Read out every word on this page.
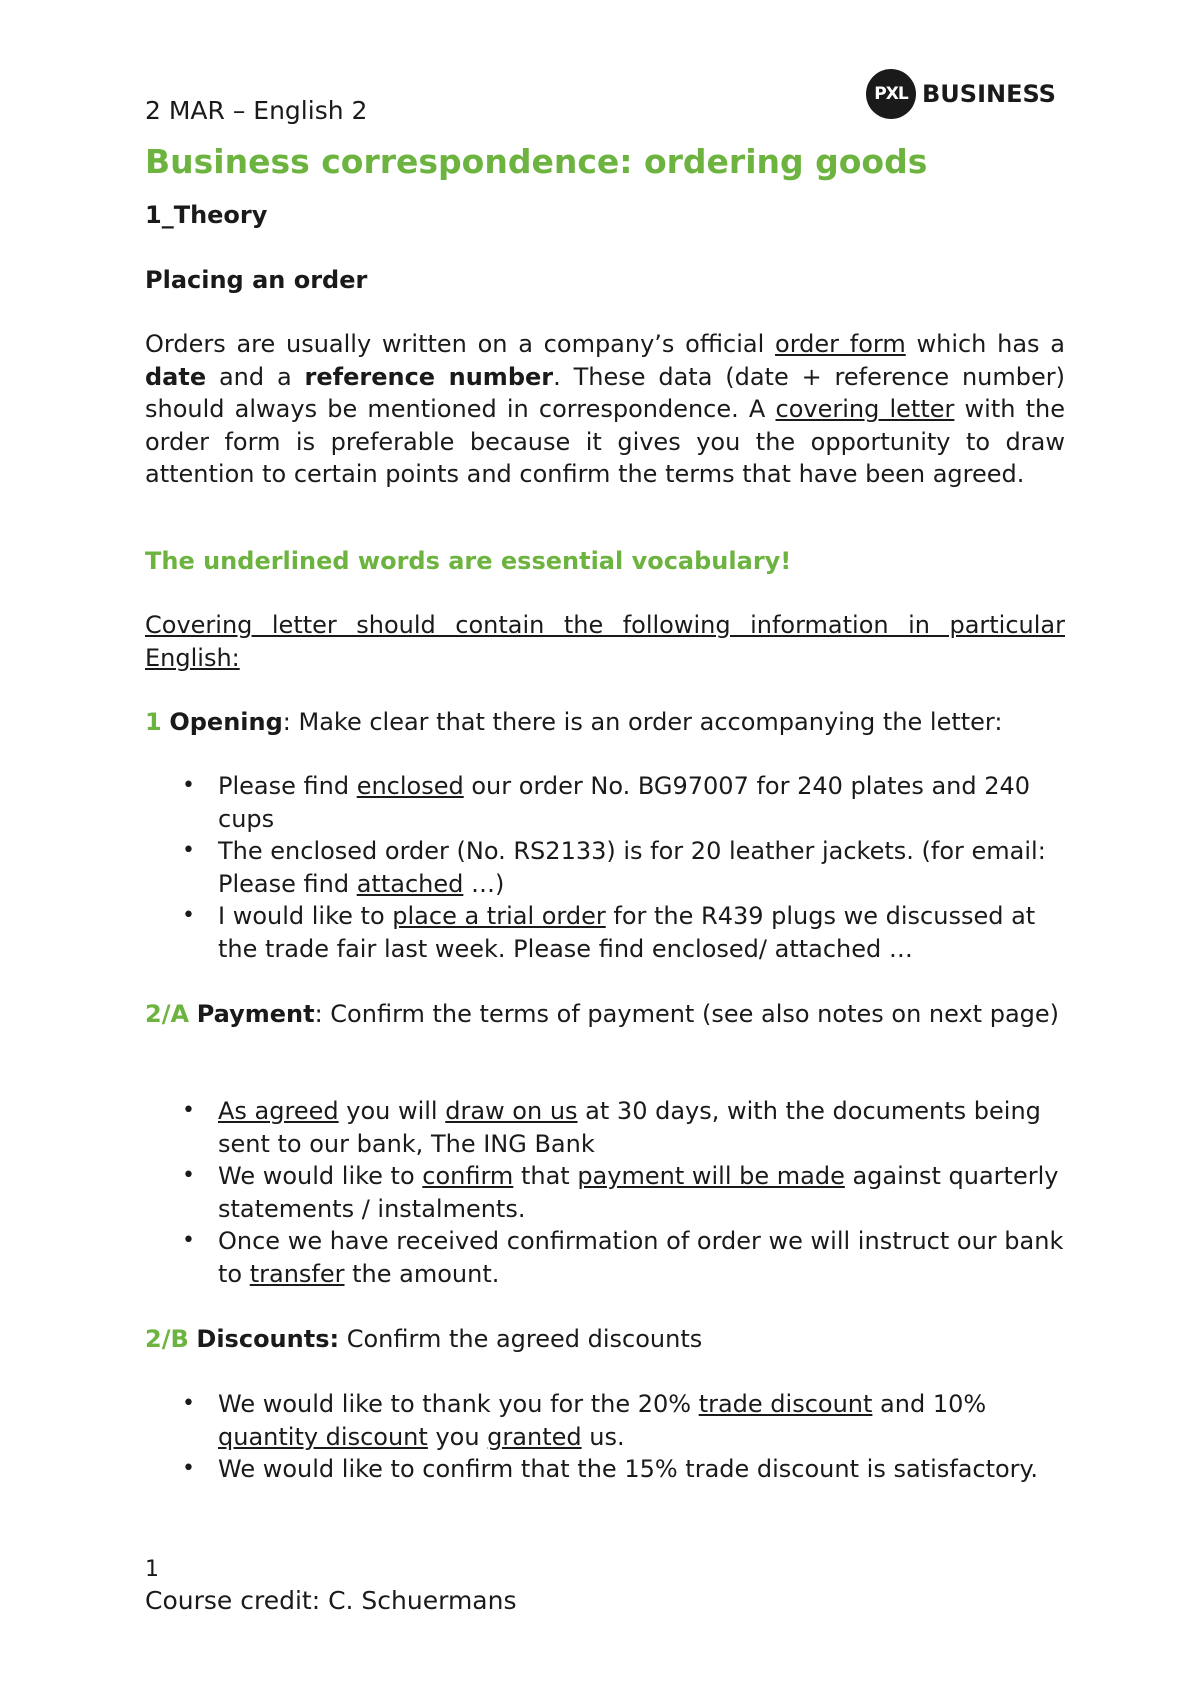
2 MAR – English 2
PXL BUSINESS
Business correspondence: ordering goods
1_Theory
Placing an order
Orders are usually written on a company’s official order form which has a date and a reference number. These data (date + reference number) should always be mentioned in correspondence. A covering letter with the order form is preferable because it gives you the opportunity to draw attention to certain points and confirm the terms that have been agreed.
The underlined words are essential vocabulary!
Covering letter should contain the following information in particular English:
1 Opening: Make clear that there is an order accompanying the letter:
• Please find enclosed our order No. BG97007 for 240 plates and 240 cups
• The enclosed order (No. RS2133) is for 20 leather jackets. (for email: Please find attached …)
• I would like to place a trial order for the R439 plugs we discussed at the trade fair last week. Please find enclosed/ attached …
2/A Payment: Confirm the terms of payment (see also notes on next page)
• As agreed you will draw on us at 30 days, with the documents being sent to our bank, The ING Bank
• We would like to confirm that payment will be made against quarterly statements / instalments.
• Once we have received confirmation of order we will instruct our bank to transfer the amount.
2/B Discounts: Confirm the agreed discounts
• We would like to thank you for the 20% trade discount and 10% quantity discount you granted us.
• We would like to confirm that the 15% trade discount is satisfactory.
1
Course credit: C. Schuermans
